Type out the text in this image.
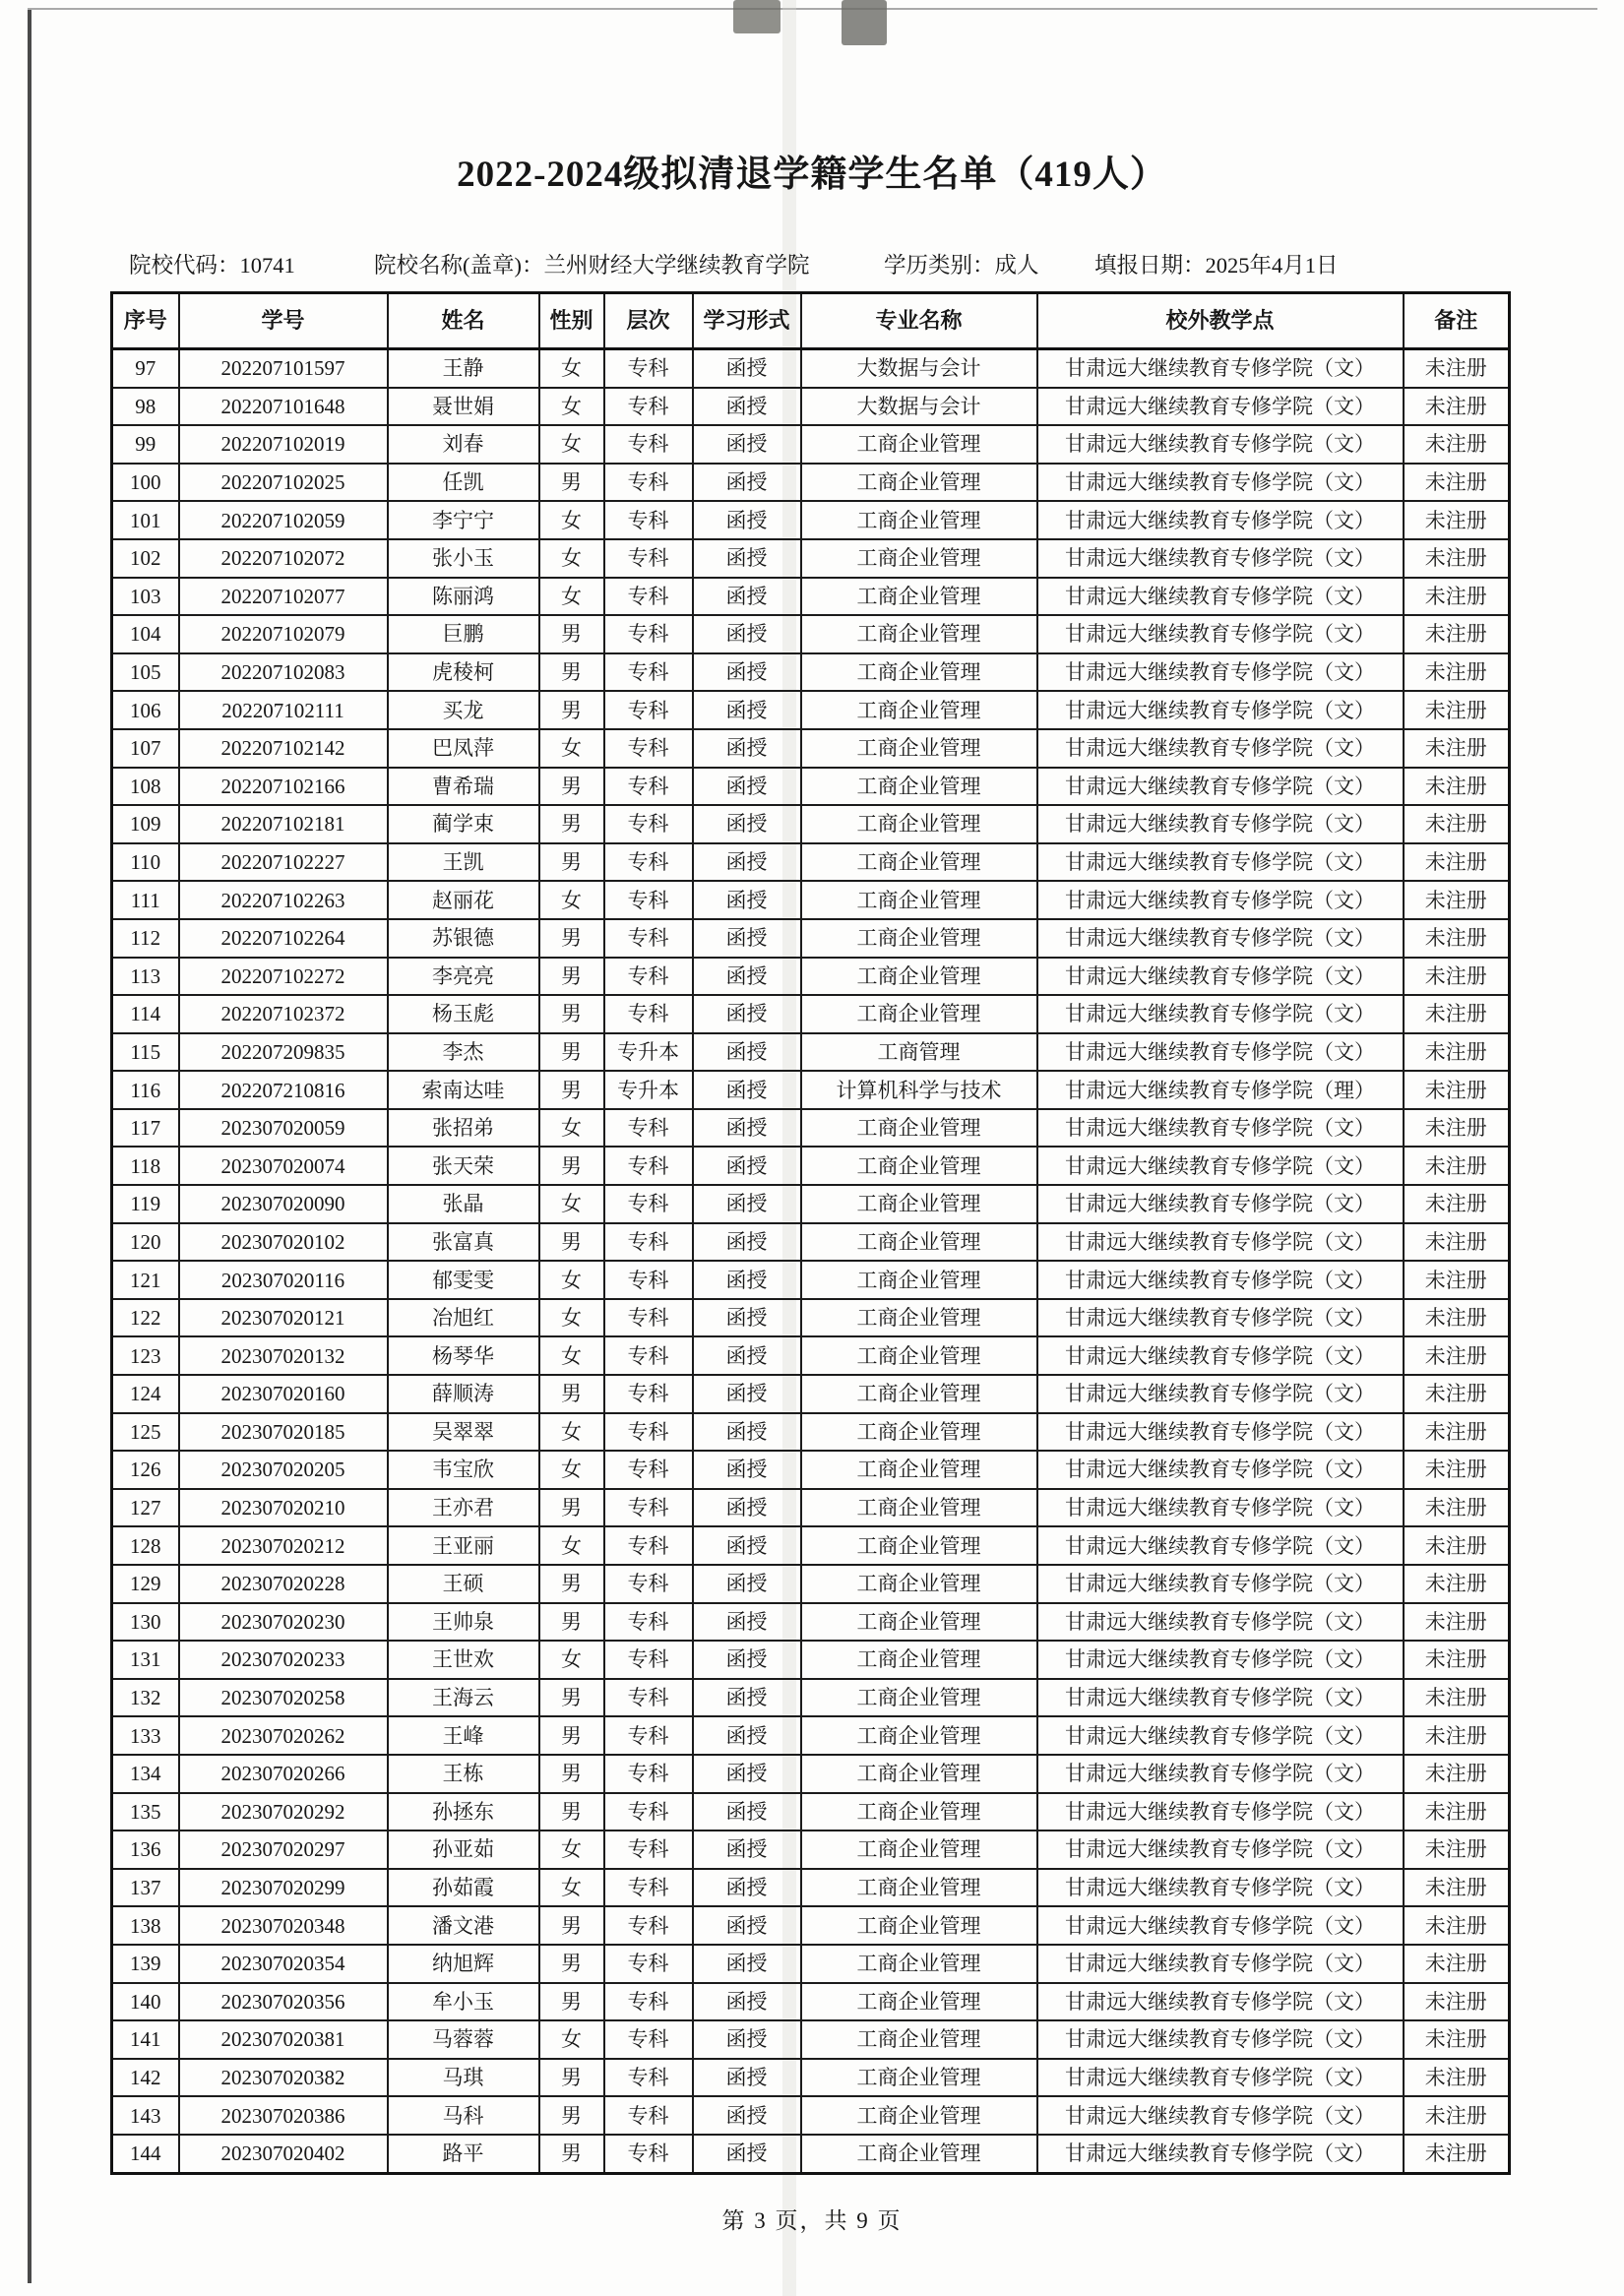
2022-2024级拟清退学籍学生名单（419人）
院校代码：10741	院校名称(盖章)：兰州财经大学继续教育学院	学历类别：成人	填报日期：2025年4月1日
序号	学号	姓名	性别	层次	学习形式	专业名称	校外教学点	备注
97	202207101597	王静	女	专科	函授	大数据与会计	甘肃远大继续教育专修学院（文）	未注册
98	202207101648	聂世娟	女	专科	函授	大数据与会计	甘肃远大继续教育专修学院（文）	未注册
99	202207102019	刘春	女	专科	函授	工商企业管理	甘肃远大继续教育专修学院（文）	未注册
100	202207102025	任凯	男	专科	函授	工商企业管理	甘肃远大继续教育专修学院（文）	未注册
101	202207102059	李宁宁	女	专科	函授	工商企业管理	甘肃远大继续教育专修学院（文）	未注册
102	202207102072	张小玉	女	专科	函授	工商企业管理	甘肃远大继续教育专修学院（文）	未注册
103	202207102077	陈丽鸿	女	专科	函授	工商企业管理	甘肃远大继续教育专修学院（文）	未注册
104	202207102079	巨鹏	男	专科	函授	工商企业管理	甘肃远大继续教育专修学院（文）	未注册
105	202207102083	虎稜柯	男	专科	函授	工商企业管理	甘肃远大继续教育专修学院（文）	未注册
106	202207102111	买龙	男	专科	函授	工商企业管理	甘肃远大继续教育专修学院（文）	未注册
107	202207102142	巴凤萍	女	专科	函授	工商企业管理	甘肃远大继续教育专修学院（文）	未注册
108	202207102166	曹希瑞	男	专科	函授	工商企业管理	甘肃远大继续教育专修学院（文）	未注册
109	202207102181	蔺学束	男	专科	函授	工商企业管理	甘肃远大继续教育专修学院（文）	未注册
110	202207102227	王凯	男	专科	函授	工商企业管理	甘肃远大继续教育专修学院（文）	未注册
111	202207102263	赵丽花	女	专科	函授	工商企业管理	甘肃远大继续教育专修学院（文）	未注册
112	202207102264	苏银德	男	专科	函授	工商企业管理	甘肃远大继续教育专修学院（文）	未注册
113	202207102272	李亮亮	男	专科	函授	工商企业管理	甘肃远大继续教育专修学院（文）	未注册
114	202207102372	杨玉彪	男	专科	函授	工商企业管理	甘肃远大继续教育专修学院（文）	未注册
115	202207209835	李杰	男	专升本	函授	工商管理	甘肃远大继续教育专修学院（文）	未注册
116	202207210816	索南达哇	男	专升本	函授	计算机科学与技术	甘肃远大继续教育专修学院（理）	未注册
117	202307020059	张招弟	女	专科	函授	工商企业管理	甘肃远大继续教育专修学院（文）	未注册
118	202307020074	张天荣	男	专科	函授	工商企业管理	甘肃远大继续教育专修学院（文）	未注册
119	202307020090	张晶	女	专科	函授	工商企业管理	甘肃远大继续教育专修学院（文）	未注册
120	202307020102	张富真	男	专科	函授	工商企业管理	甘肃远大继续教育专修学院（文）	未注册
121	202307020116	郁雯雯	女	专科	函授	工商企业管理	甘肃远大继续教育专修学院（文）	未注册
122	202307020121	冶旭红	女	专科	函授	工商企业管理	甘肃远大继续教育专修学院（文）	未注册
123	202307020132	杨琴华	女	专科	函授	工商企业管理	甘肃远大继续教育专修学院（文）	未注册
124	202307020160	薛顺涛	男	专科	函授	工商企业管理	甘肃远大继续教育专修学院（文）	未注册
125	202307020185	吴翠翠	女	专科	函授	工商企业管理	甘肃远大继续教育专修学院（文）	未注册
126	202307020205	韦宝欣	女	专科	函授	工商企业管理	甘肃远大继续教育专修学院（文）	未注册
127	202307020210	王亦君	男	专科	函授	工商企业管理	甘肃远大继续教育专修学院（文）	未注册
128	202307020212	王亚丽	女	专科	函授	工商企业管理	甘肃远大继续教育专修学院（文）	未注册
129	202307020228	王硕	男	专科	函授	工商企业管理	甘肃远大继续教育专修学院（文）	未注册
130	202307020230	王帅泉	男	专科	函授	工商企业管理	甘肃远大继续教育专修学院（文）	未注册
131	202307020233	王世欢	女	专科	函授	工商企业管理	甘肃远大继续教育专修学院（文）	未注册
132	202307020258	王海云	男	专科	函授	工商企业管理	甘肃远大继续教育专修学院（文）	未注册
133	202307020262	王峰	男	专科	函授	工商企业管理	甘肃远大继续教育专修学院（文）	未注册
134	202307020266	王栋	男	专科	函授	工商企业管理	甘肃远大继续教育专修学院（文）	未注册
135	202307020292	孙拯东	男	专科	函授	工商企业管理	甘肃远大继续教育专修学院（文）	未注册
136	202307020297	孙亚茹	女	专科	函授	工商企业管理	甘肃远大继续教育专修学院（文）	未注册
137	202307020299	孙茹霞	女	专科	函授	工商企业管理	甘肃远大继续教育专修学院（文）	未注册
138	202307020348	潘文港	男	专科	函授	工商企业管理	甘肃远大继续教育专修学院（文）	未注册
139	202307020354	纳旭辉	男	专科	函授	工商企业管理	甘肃远大继续教育专修学院（文）	未注册
140	202307020356	牟小玉	男	专科	函授	工商企业管理	甘肃远大继续教育专修学院（文）	未注册
141	202307020381	马蓉蓉	女	专科	函授	工商企业管理	甘肃远大继续教育专修学院（文）	未注册
142	202307020382	马琪	男	专科	函授	工商企业管理	甘肃远大继续教育专修学院（文）	未注册
143	202307020386	马科	男	专科	函授	工商企业管理	甘肃远大继续教育专修学院（文）	未注册
144	202307020402	路平	男	专科	函授	工商企业管理	甘肃远大继续教育专修学院（文）	未注册
第 3 页，共 9 页
